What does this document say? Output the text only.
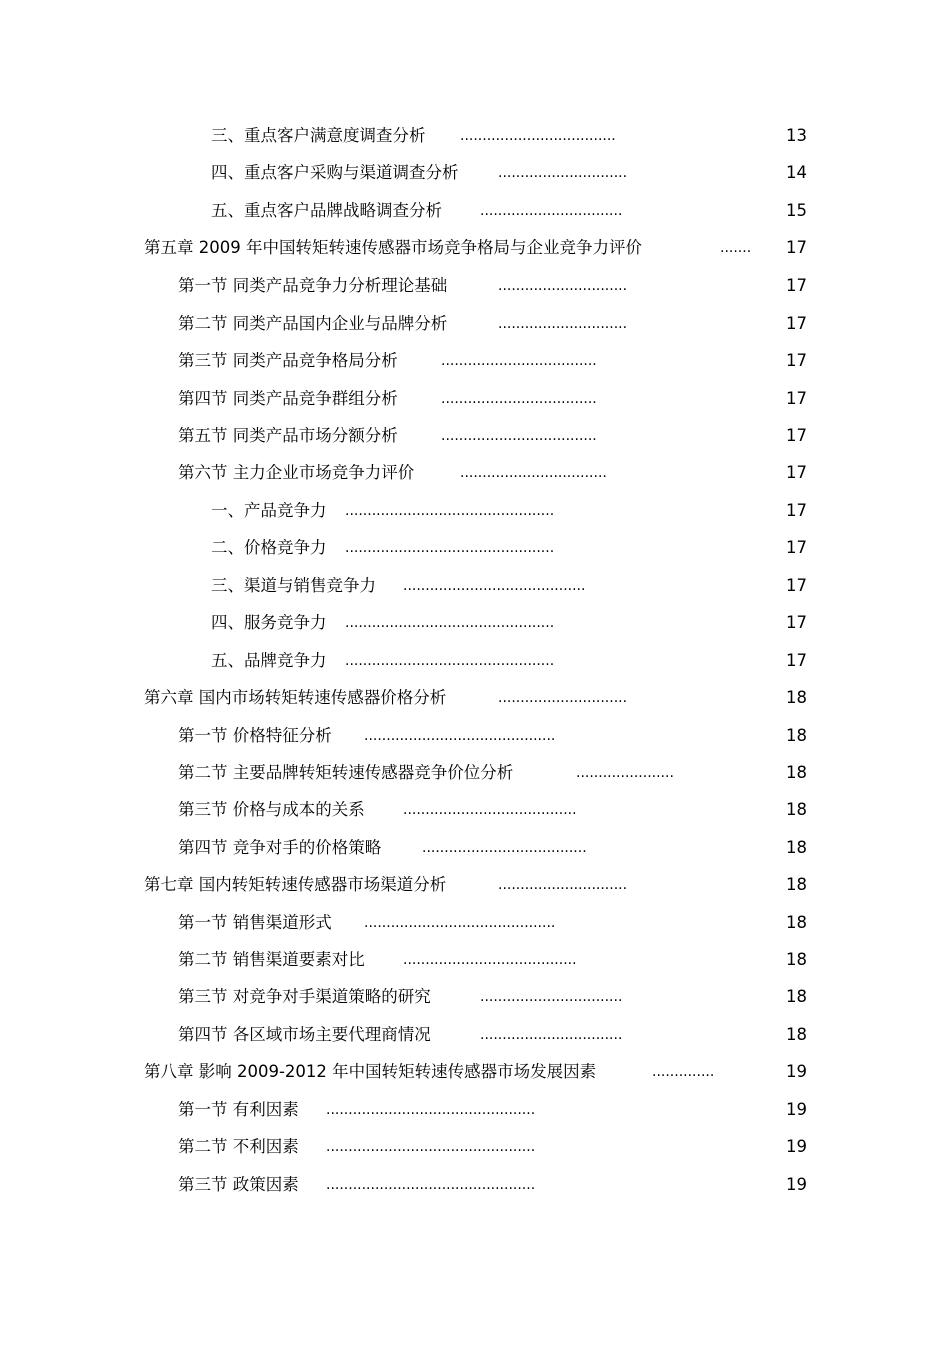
三、重点客户满意度调查分析 ...................................	13
四、重点客户采购与渠道调查分析	.............................	14
五、重点客户品牌战略调查分析	................................	15
第五章 2009 年中国转矩转速传感器市场竞争格局与企业竞争力评价	....... 17
第一节 同类产品竞争力分析理论基础	.............................	17
第二节 同类产品国内企业与品牌分析	.............................	17
第三节 同类产品竞争格局分析	...................................	17
第四节 同类产品竞争群组分析	...................................	17
第五节 同类产品市场分额分析	...................................	17
第六节 主力企业市场竞争力评价	.................................	17
一、产品竞争力 ...............................................	17
二、价格竞争力 ...............................................	17
三、渠道与销售竞争力 .........................................	17
四、服务竞争力 ...............................................	17
五、品牌竞争力 ...............................................	17
第六章 国内市场转矩转速传感器价格分析	.............................	18
第一节 价格特征分析 ...........................................	18
第二节 主要品牌转矩转速传感器竞争价位分析	......................	18
第三节 价格与成本的关系	.......................................	18
第四节 竞争对手的价格策略	.....................................	18
第七章 国内转矩转速传感器市场渠道分析	.............................	18
第一节 销售渠道形式 ...........................................	18
第二节 销售渠道要素对比	.......................................	18
第三节 对竞争对手渠道策略的研究	................................	18
第四节 各区域市场主要代理商情况	................................	18
第八章 影响 2009-2012 年中国转矩转速传感器市场发展因素	..............	19
第一节 有利因素 ...............................................	19
第二节 不利因素 ...............................................	19
第三节 政策因素 ...............................................	19
